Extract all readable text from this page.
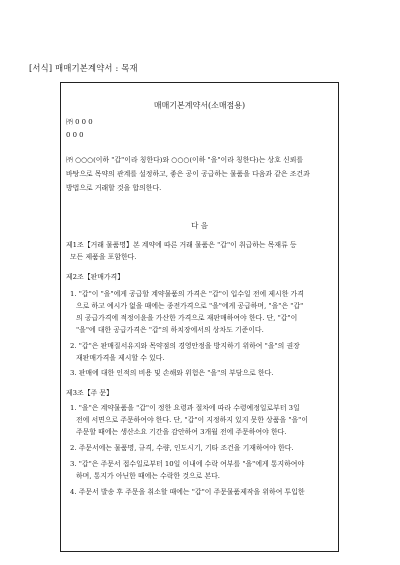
[서식] 매매기본계약서 : 목재
매매기본계약서(소매점용)
㈜ 0 0 0
0 0 0
㈜ ○○○(이하 "갑"이라 칭한다)와 ○○○(이하 "을"이라 칭한다)는 상호 신뢰를
바탕으로 목약의 관계를 설정하고, 좋은 공이 공급하는 물품을 다음과 같은 조건과
방법으로 거래할 것을 합의한다.
다 음
제1조【거래 물품명】본 계약에 따른 거래 물품은 "갑"이 취급하는 목재류 등
모든 제품을 포함한다.
제2조【판매가격】
1. "갑"이 "을"에게 공급할 계약물품의 가격은 "갑"이 입수일 전에 제시한 가격
으로 하고 예시가 없을 때에는 종전가격으로 "을"에게 공급하며, "을"은 "갑"
의 공급가격에 적정이윤을 가산한 가격으로 재판매하여야 한다. 단, "갑"이
"을"에 대한 공급가격은 "갑"의 하치장에서의 상차도 기준이다.
2. "갑"은 판매질서유지와 목약점의 경영안정을 방지하기 위하여 "을"의 권장
재판매가격을 제시할 수 있다.
3. 판매에 대한 인적의 비용 및 손해와 위험은 "을"의 부담으로 한다.
제3조【주 문】
1. "을"은 계약물품을 "갑"이 정한 요령과 절차에 따라 수령예정일로부터 3일
전에 서면으로 주문하여야 한다. 단, "갑"이 지정하지 있지 못한 상품을 "을"이
주문할 때에는 생산소요 기간을 감안하여 3개월 전에 주문하여야 한다.
2. 주문서에는 물품명, 규격, 수량, 인도시기, 기타 조건을 기재하여야 한다.
3. "갑"은 주문서 접수일로부터 10일 이내에 수락 여부를 "을"에게 통지하여야
하며, 통지가 아닌한 때에는 수락한 것으로 본다.
4. 주문서 발송 후 주문을 취소할 때에는 "갑"이 주문물품제작을 위하여 투입한
